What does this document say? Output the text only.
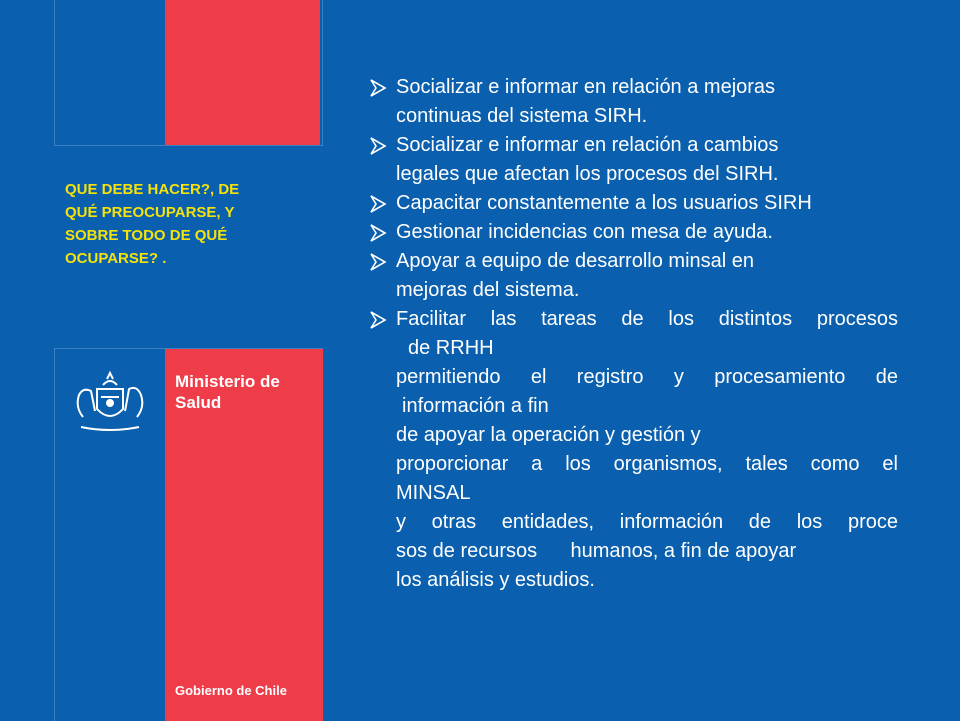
QUE DEBE HACER?, DE
QUÉ PREOCUPARSE, Y
SOBRE TODO DE QUÉ
OCUPARSE? .
Ministerio de
Salud
Gobierno de Chile
Socializar e informar en relación a mejoras
continuas del sistema SIRH.
Socializar e informar en relación a cambios
legales que afectan los procesos del SIRH.
Capacitar constantemente a los usuarios SIRH
Gestionar incidencias con mesa de ayuda.
Apoyar a equipo de desarrollo minsal en
mejoras del sistema.
Facilitar las tareas de los distintos procesos
de RRHH
permitiendo el registro y procesamiento de
información a fin
de apoyar la operación y gestión y
proporcionar a los organismos, tales como el
MINSAL
y otras entidades, información de los proce
sos de recursos      humanos, a fin de apoyar
los análisis y estudios.
